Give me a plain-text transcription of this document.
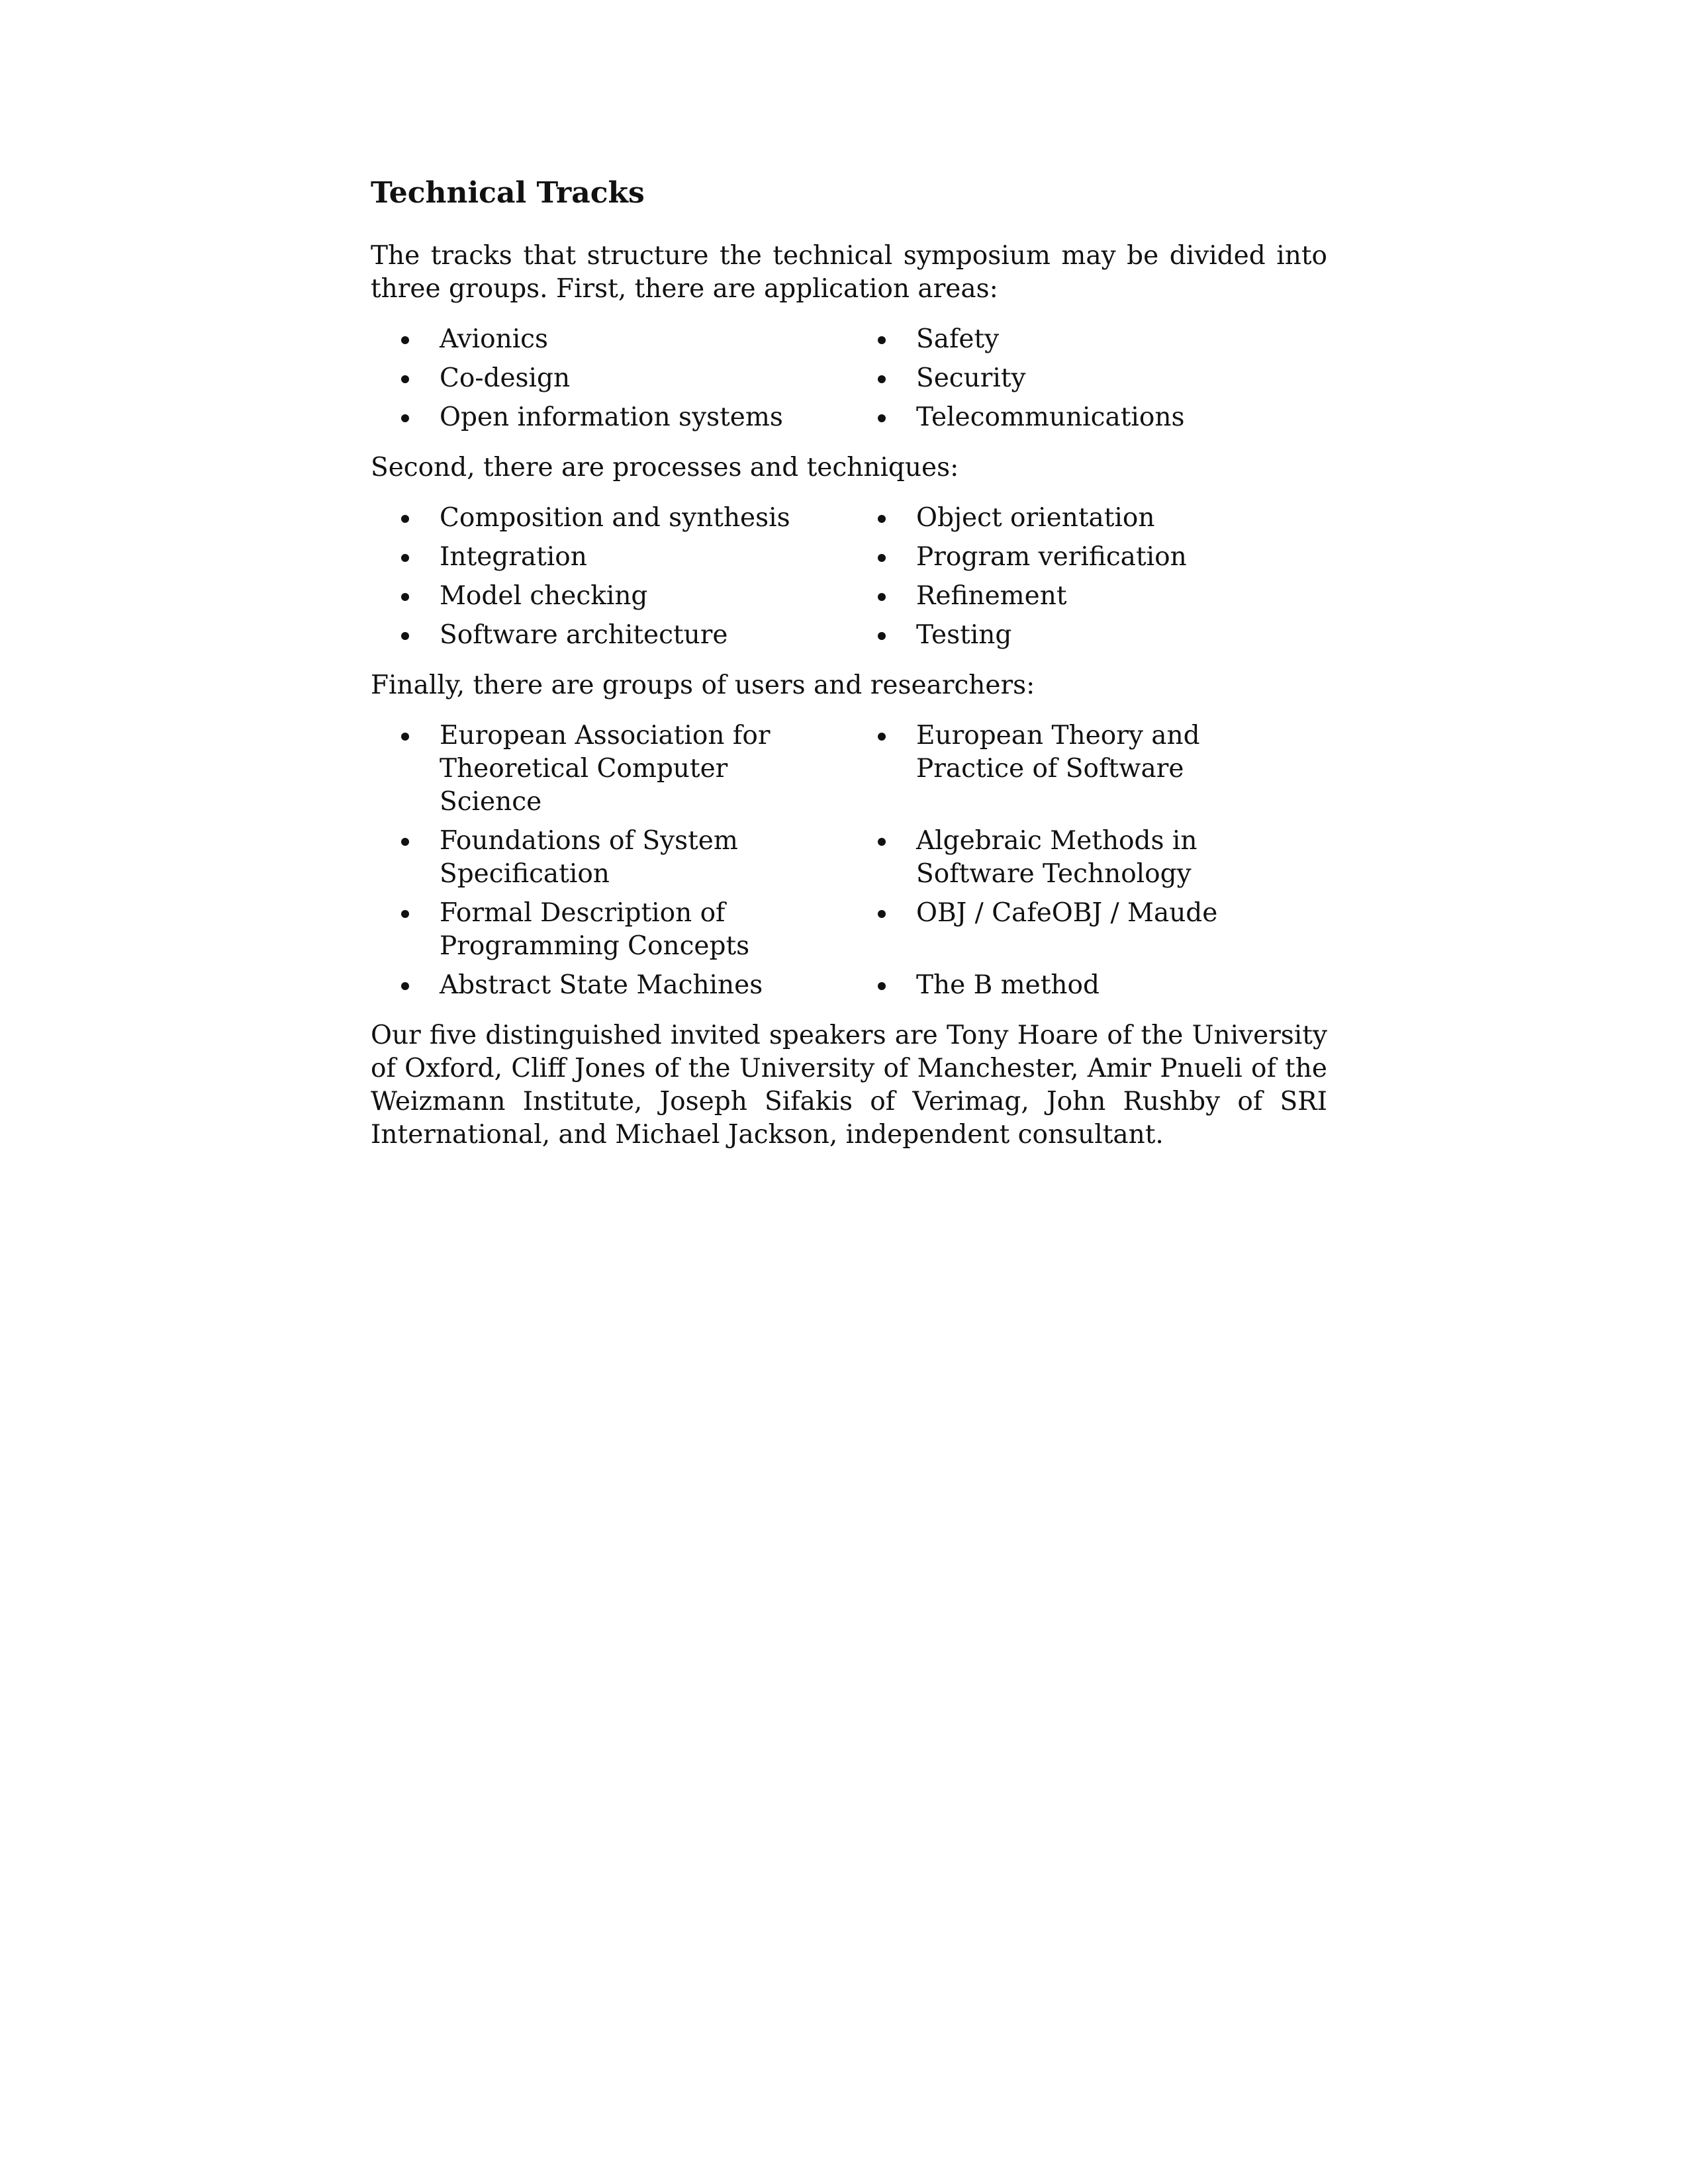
Technical Tracks

The tracks that structure the technical symposium may be divided into three groups. First, there are application areas:

Avionics	Safety
Co-design	Security
Open information systems	Telecommunications

Second, there are processes and techniques:

Composition and synthesis	Object orientation
Integration	Program verification
Model checking	Refinement
Software architecture	Testing

Finally, there are groups of users and researchers:

European Association for Theoretical Computer Science
European Theory and Practice of Software
Foundations of System Specification
Algebraic Methods in Software Technology
Formal Description of Programming Concepts
OBJ / CafeOBJ / Maude
Abstract State Machines	The B method

Our five distinguished invited speakers are Tony Hoare of the University of Oxford, Cliff Jones of the University of Manchester, Amir Pnueli of the Weizmann Institute, Joseph Sifakis of Verimag, John Rushby of SRI International, and Michael Jackson, independent consultant.
